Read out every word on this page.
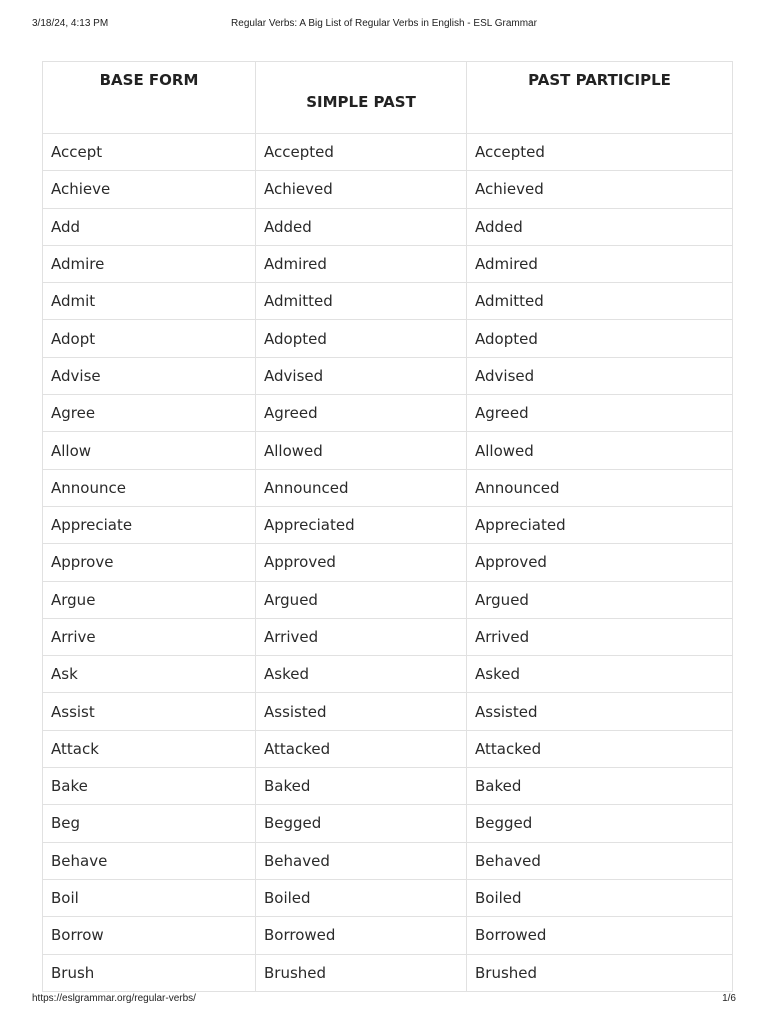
3/18/24, 4:13 PM	Regular Verbs: A Big List of Regular Verbs in English - ESL Grammar
BASE FORM	SIMPLE PAST	PAST PARTICIPLE
Accept	Accepted	Accepted
Achieve	Achieved	Achieved
Add	Added	Added
Admire	Admired	Admired
Admit	Admitted	Admitted
Adopt	Adopted	Adopted
Advise	Advised	Advised
Agree	Agreed	Agreed
Allow	Allowed	Allowed
Announce	Announced	Announced
Appreciate	Appreciated	Appreciated
Approve	Approved	Approved
Argue	Argued	Argued
Arrive	Arrived	Arrived
Ask	Asked	Asked
Assist	Assisted	Assisted
Attack	Attacked	Attacked
Bake	Baked	Baked
Beg	Begged	Begged
Behave	Behaved	Behaved
Boil	Boiled	Boiled
Borrow	Borrowed	Borrowed
Brush	Brushed	Brushed
https://eslgrammar.org/regular-verbs/	1/6
